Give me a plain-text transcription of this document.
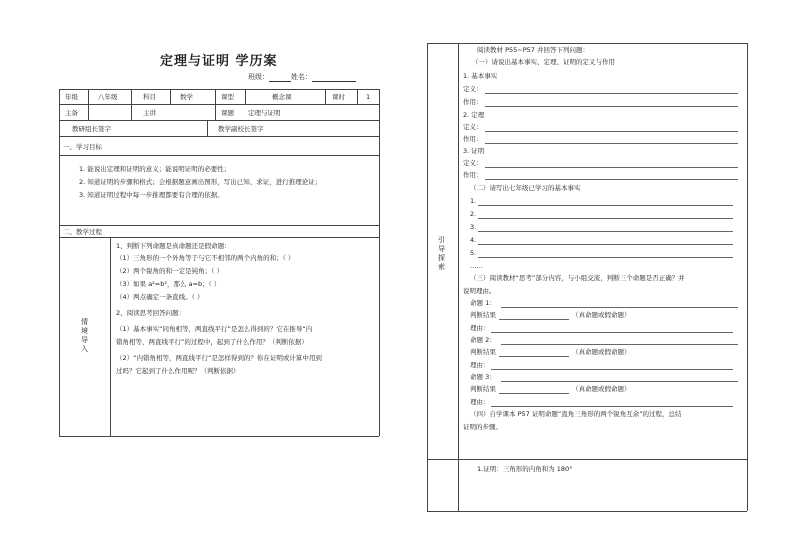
定理与证明 学历案
班级：	姓名：
年级	八年级	科目	数学	课型	概念课	课时	1
主备	主讲	课题 定理与证明
教研组长签字	教学副校长签字
一、学习目标
1. 能说出定理和证明的意义；能说明证明的必要性；
2. 知道证明的步骤和格式；会根据题意画出图形，写出已知、求证，进行推理论证；
3. 知道证明过程中每一步推理都要有合理的依据。
二、教学过程
情境导入
1、判断下列命题是真命题还是假命题：
（1）三角形的一个外角等于与它不相邻的两个内角的和；（ ）
（2）两个锐角的和一定是钝角；（ ）
（3）如果 a²=b²，那么 a=b；（ ）
（4）两点确定一条直线。（ ）
2、阅读思考回答问题：
（1）基本事实“同角相等，两直线平行”是怎么得到的？它在推导“内
错角相等，两直线平行”的过程中，起到了什么作用？（判断依据）
（2）“内错角相等，两直线平行”是怎样得到的？你在证明或计算中用到
过吗？它起到了什么作用呢？（判断依据）
引导探索
阅读教材 P55~P57 并回答下列问题：
（一）请说出基本事实、定理、证明的定义与作用
1. 基本事实
定义：
作用：
2. 定理
定义：
作用：
3. 证明
定义：
作用：
（二）请写出七年级已学习的基本事实
1.
2.
3.
4.
5.
……
（三）阅读教材“思考”部分内容，与小组交流，判断三个命题是否正确？并
说明理由。
命题 1：
判断结果	（真命题或假命题）
理由：
命题 2：
判断结果	（真命题或假命题）
理由：
命题 3：
判断结果	（真命题或假命题）
理由：
（四）自学课本 P57 证明命题“直角三角形的两个锐角互余”的过程，总结
证明的步骤。
1.证明：三角形的内角和为 180°
